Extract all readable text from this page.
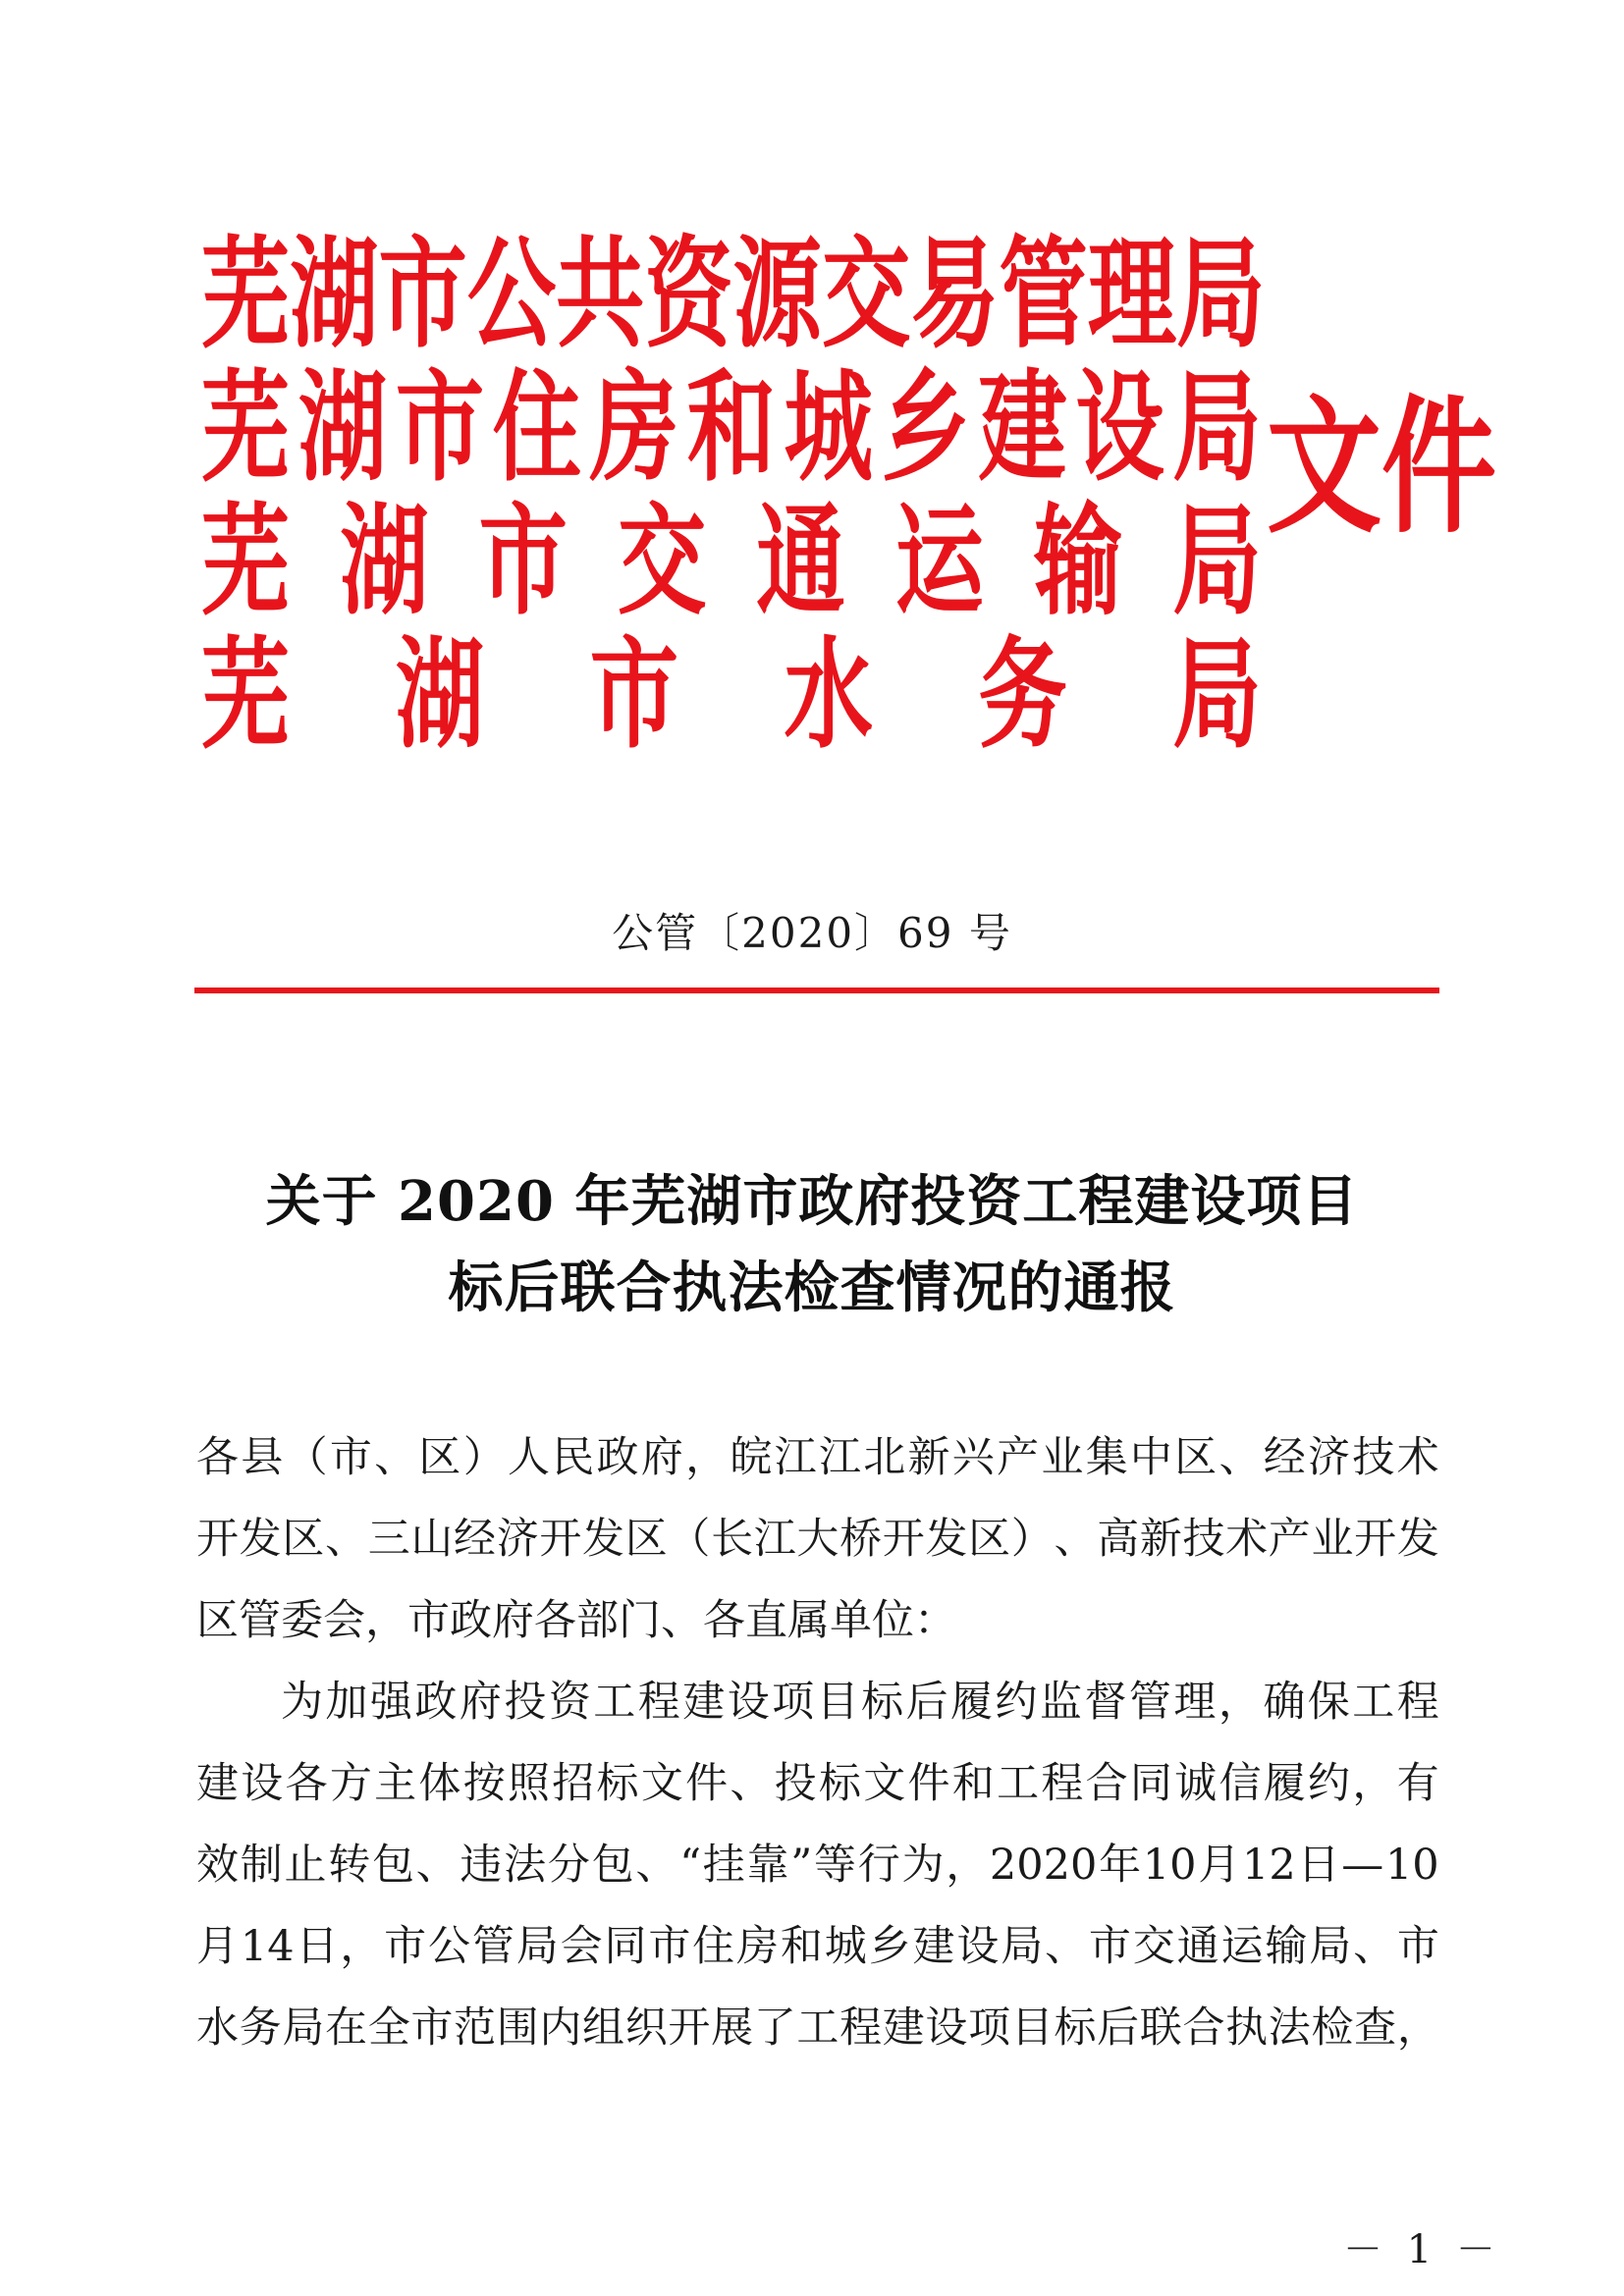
芜 湖 市 公 共 资 源 交 易 管 理 局
芜 湖 市 住 房 和 城 乡 建 设 局
芜 湖 市 交 通 运 输 局
芜 湖 市 水 务 局
文件
公管〔2020〕69 号
关于 2020 年芜湖市政府投资工程建设项目
标后联合执法检查情况的通报
各 县 （ 市 、 区 ） 人 民 政 府 ， 皖 江 江 北 新 兴 产 业 集 中 区 、 经 济 技 术
开 发 区 、 三 山 经 济 开 发 区 （ 长 江 大 桥 开 发 区 ） 、 高 新 技 术 产 业 开 发
区管委会，市政府各部门、各直属单位：
为 加 强 政 府 投 资 工 程 建 设 项 目 标 后 履 约 监 督 管 理 ， 确 保 工 程
建 设 各 方 主 体 按 照 招 标 文 件 、 投 标 文 件 和 工 程 合 同 诚 信 履 约 ， 有
效 制 止 转 包 、 违 法 分 包 、 “ 挂 靠 ” 等 行 为 ， 2020 年 10 月 12 日 — 10
月 14 日 ， 市 公 管 局 会 同 市 住 房 和 城 乡 建 设 局 、 市 交 通 运 输 局 、 市
水 务 局 在 全 市 范 围 内 组 织 开 展 了 工 程 建 设 项 目 标 后 联 合 执 法 检 查 ，
－ 1 －
